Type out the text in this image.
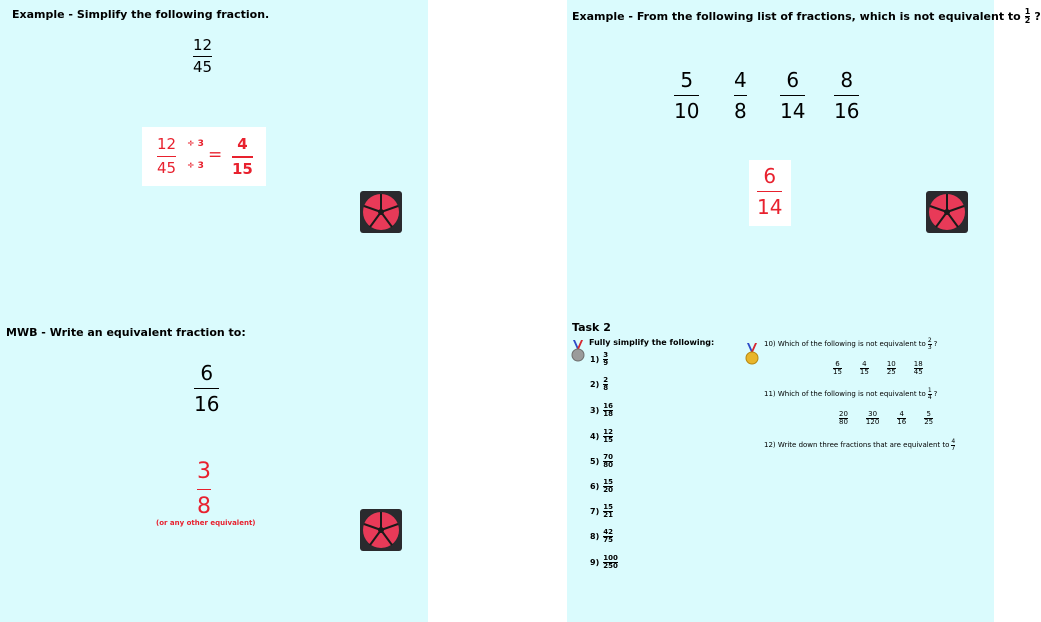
Example - Simplify the following fraction.
12
45
12
45
÷ 3
÷ 3
=
4
15
Example - From the following list of fractions, which is not equivalent to $\frac{1}{2}$ ?
5
10
4
8
6
14
8
16
6
14
MWB - Write an equivalent fraction to:
6
16
3
8
(or any other equivalent)
Task 2
Fully simplify the following:
$1) \frac{3}{9}$
$2) \frac{2}{8}$
$3) \frac{16}{18}$
$4) \frac{12}{15}$
$5) \frac{70}{80}$
$6) \frac{15}{20}$
$7) \frac{15}{21}$
$8) \frac{42}{75}$
$9) \frac{100}{250}$
10) Which of the following is not equivalent to $\frac{2}{3}$ ?
$\frac{6}{15}$	$\frac{4}{15}$	$\frac{10}{25}$	$\frac{18}{45}$
11) Which of the following is not equivalent to $\frac{1}{4}$ ?
$\frac{20}{80}$	$\frac{30}{120}$	$\frac{4}{16}$	$\frac{5}{25}$
12) Write down three fractions that are equivalent to $\frac{4}{7}$
